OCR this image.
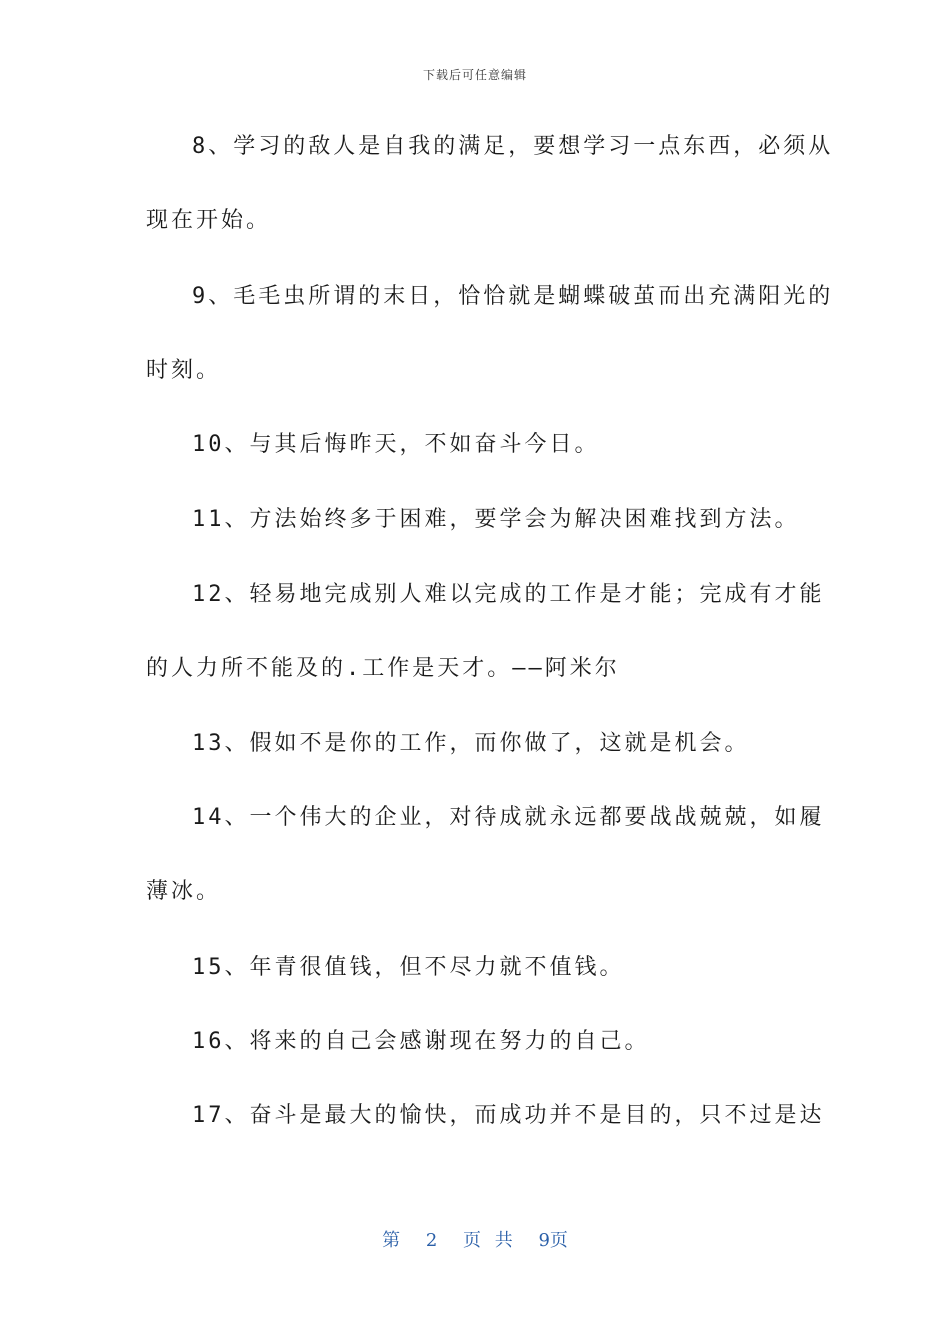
下载后可任意编辑
8、学习的敌人是自我的满足，要想学习一点东西，必须从
现在开始。
9、毛毛虫所谓的末日，恰恰就是蝴蝶破茧而出充满阳光的
时刻。
10、与其后悔昨天，不如奋斗今日。
11、方法始终多于困难，要学会为解决困难找到方法。
12、轻易地完成别人难以完成的工作是才能；完成有才能
的人力所不能及的.工作是天才。——阿米尔
13、假如不是你的工作，而你做了，这就是机会。
14、一个伟大的企业，对待成就永远都要战战兢兢，如履
薄冰。
15、年青很值钱，但不尽力就不值钱。
16、将来的自己会感谢现在努力的自己。
17、奋斗是最大的愉快，而成功并不是目的，只不过是达
第 2 页 共 9页
